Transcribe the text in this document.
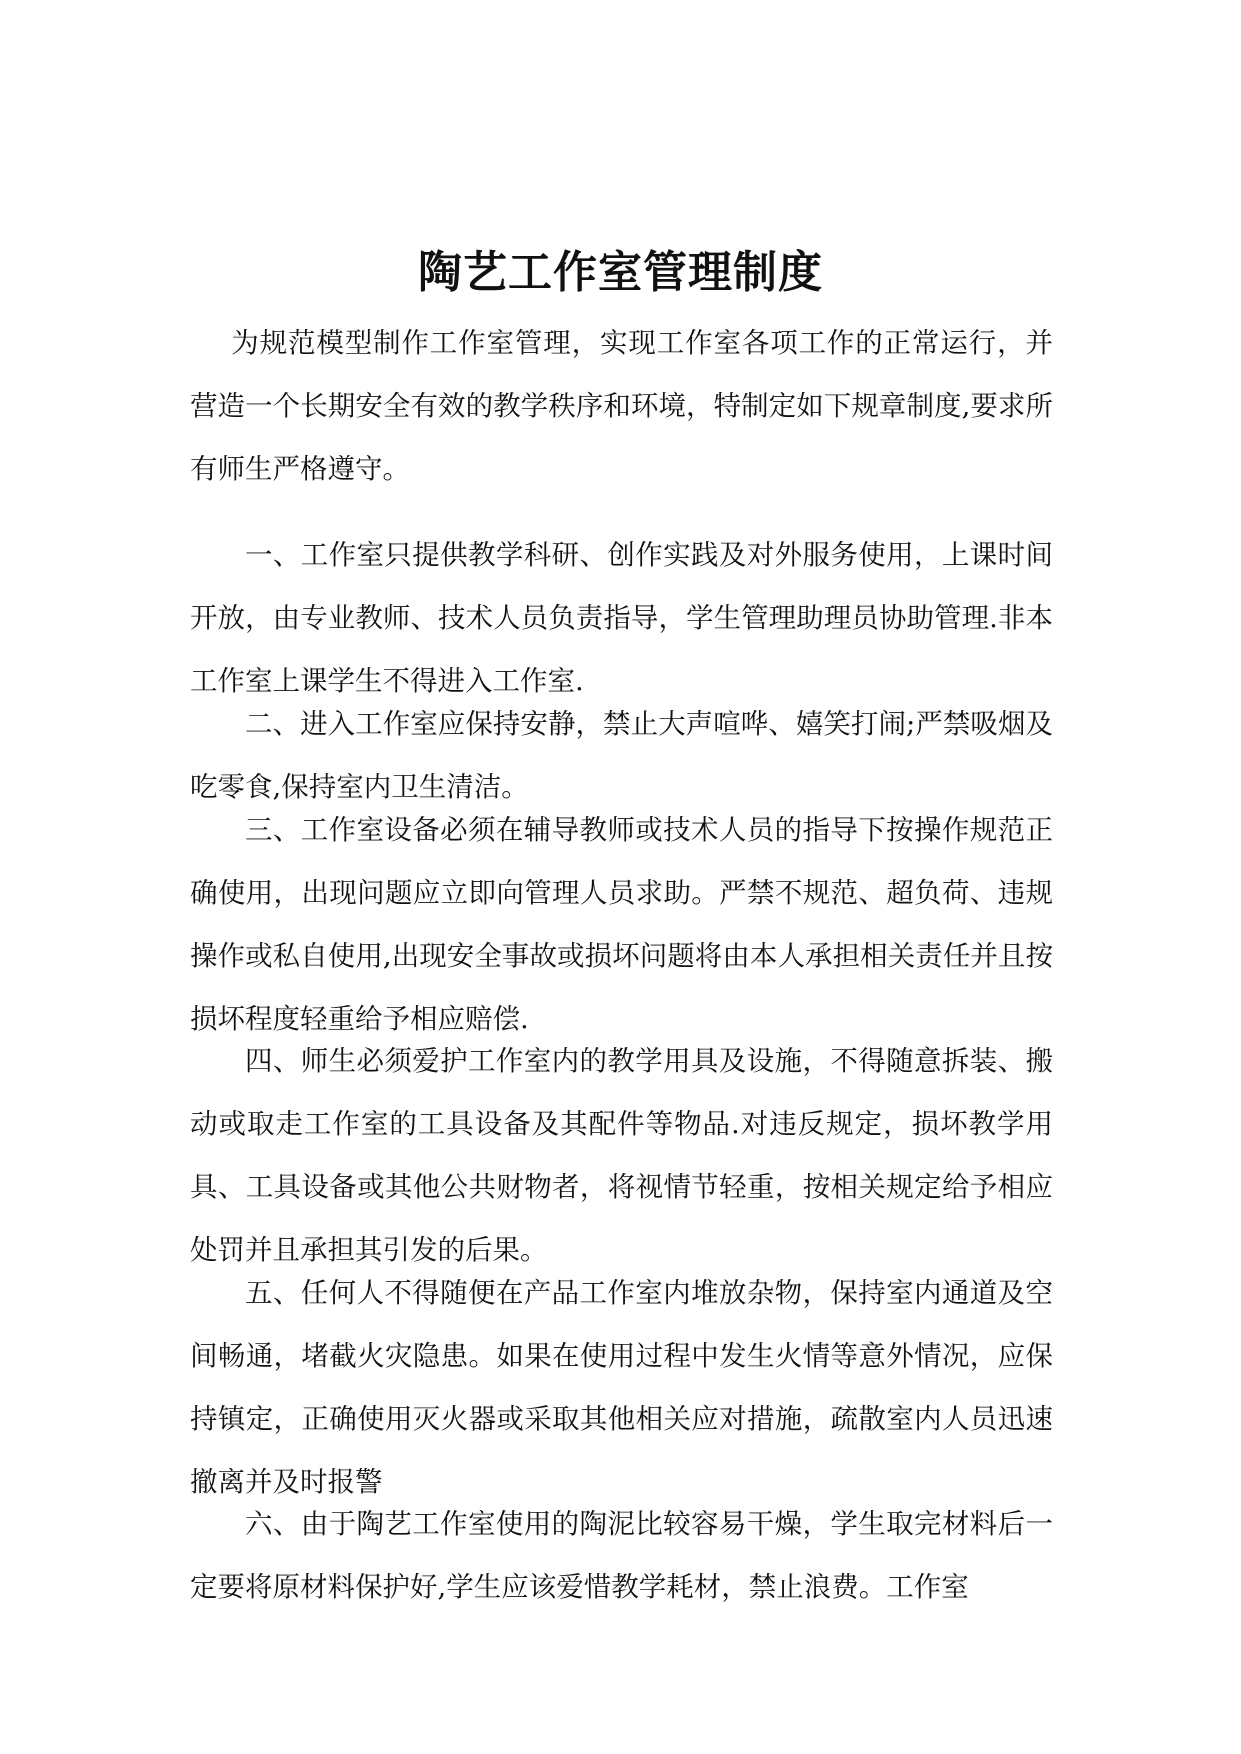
陶艺工作室管理制度

为规范模型制作工作室管理，实现工作室各项工作的正常运行，并营造一个长期安全有效的教学秩序和环境，特制定如下规章制度,要求所有师生严格遵守。

一、工作室只提供教学科研、创作实践及对外服务使用，上课时间开放，由专业教师、技术人员负责指导，学生管理助理员协助管理.非本工作室上课学生不得进入工作室.

二、进入工作室应保持安静，禁止大声喧哗、嬉笑打闹;严禁吸烟及吃零食,保持室内卫生清洁。

三、工作室设备必须在辅导教师或技术人员的指导下按操作规范正确使用，出现问题应立即向管理人员求助。严禁不规范、超负荷、违规操作或私自使用,出现安全事故或损坏问题将由本人承担相关责任并且按损坏程度轻重给予相应赔偿.

四、师生必须爱护工作室内的教学用具及设施，不得随意拆装、搬动或取走工作室的工具设备及其配件等物品.对违反规定，损坏教学用具、工具设备或其他公共财物者，将视情节轻重，按相关规定给予相应处罚并且承担其引发的后果。

五、任何人不得随便在产品工作室内堆放杂物，保持室内通道及空间畅通，堵截火灾隐患。如果在使用过程中发生火情等意外情况，应保持镇定，正确使用灭火器或采取其他相关应对措施，疏散室内人员迅速撤离并及时报警

六、由于陶艺工作室使用的陶泥比较容易干燥，学生取完材料后一定要将原材料保护好,学生应该爱惜教学耗材，禁止浪费。工作室
